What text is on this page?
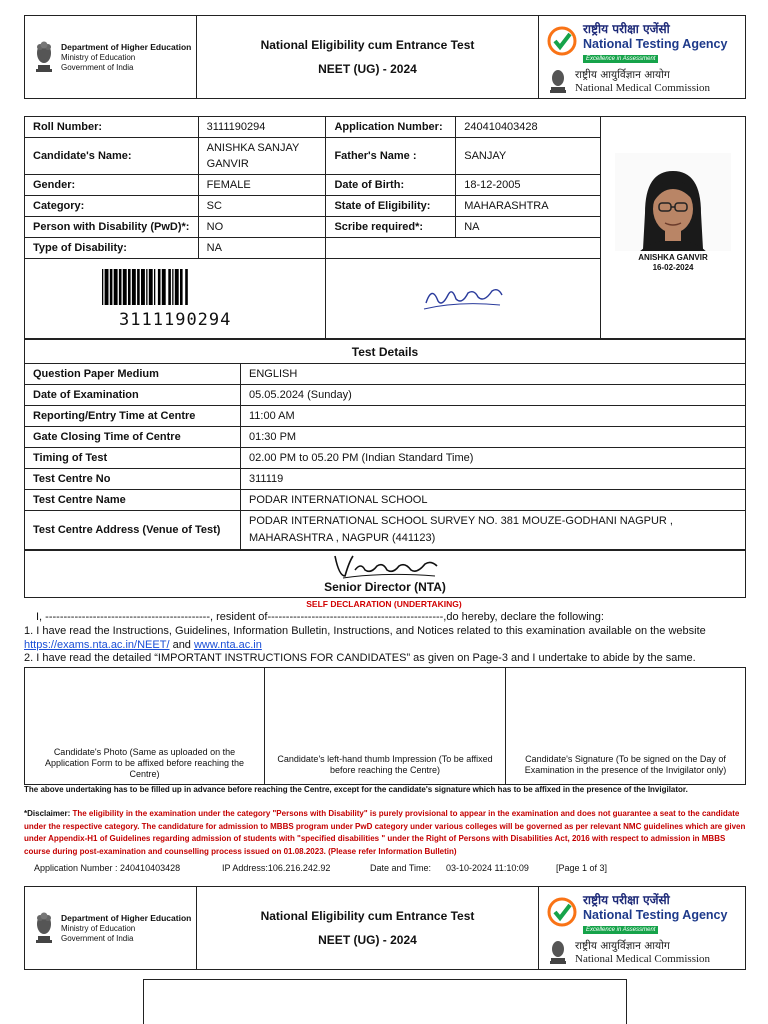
Department of Higher Education
Ministry of Education
Government of India
National Eligibility cum Entrance Test
NEET (UG) - 2024
राष्ट्रीय परीक्षा एजेंसी
National Testing Agency
Excellence in Assessment
राष्ट्रीय आयुर्विज्ञान आयोग
National Medical Commission
Roll Number:	3111190294	Application Number:	240410403428	ANISHKA GANVIR
16-02-2024

Candidate's Name:	ANISHKA SANJAY GANVIR	Father's Name :	SANJAY	
Gender:	FEMALE	Date of Birth:	18-12-2005	
Category:	SC	State of Eligibility:	MAHARASHTRA	
Person with Disability (PwD)*:	NO	Scribe required*:	NA	
Type of Disability:	NA			

3111190294

Test Details	
Question Paper Medium	ENGLISH
Date of Examination	05.05.2024 (Sunday)
Reporting/Entry Time at Centre	11:00 AM
Gate Closing Time of Centre	01:30 PM
Timing of Test	02.00 PM to 05.20 PM (Indian Standard Time)
Test Centre No	311119
Test Centre Name	PODAR INTERNATIONAL SCHOOL
Test Centre Address (Venue of Test)	PODAR INTERNATIONAL SCHOOL SURVEY NO. 381 MOUZE-GODHANI NAGPUR ,
MAHARASHTRA , NAGPUR (441123)
Senior Director (NTA)
SELF DECLARATION (UNDERTAKING)
I, ---------------------------------------------, resident of------------------------------------------------,do hereby, declare the following:
1. I have read the Instructions, Guidelines, Information Bulletin, Instructions, and Notices related to this examination available on the website
https://exams.nta.ac.in/NEET/ and www.nta.ac.in
2. I have read the detailed “IMPORTANT INSTRUCTIONS FOR CANDIDATES” as given on Page-3 and I undertake to abide by the same.
Candidate's Photo (Same as uploaded on the Application Form to be affixed before reaching the Centre)
Candidate's left-hand thumb Impression (To be affixed before reaching the Centre)
Candidate's Signature (To be signed on the Day of Examination in the presence of the Invigilator only)
The above undertaking has to be filled up in advance before reaching the Centre, except for the candidate's signature which has to be affixed in the presence of the Invigilator.
*Disclaimer: The eligibility in the examination under the category "Persons with Disability" is purely provisional to appear in the examination and does not guarantee a seat to the candidate under the respective category. The candidature for admission to MBBS program under PwD category under various colleges will be governed as per relevant NMC guidelines which are given under Appendix-H1 of Guidelines regarding admission of students with "specified disabilities " under the Right of Persons with Disabilities Act, 2016 with respect to admission in MBBS course during post-examination and counselling process issued on 01.08.2023. (Please refer Information Bulletin)
Application Number : 240410403428	IP Address:106.216.242.92	Date and Time:	03-10-2024 11:10:09	[Page 1 of 3]
Department of Higher Education
Ministry of Education
Government of India
National Eligibility cum Entrance Test
NEET (UG) - 2024
राष्ट्रीय परीक्षा एजेंसी
National Testing Agency
Excellence in Assessment
राष्ट्रीय आयुर्विज्ञान आयोग
National Medical Commission
